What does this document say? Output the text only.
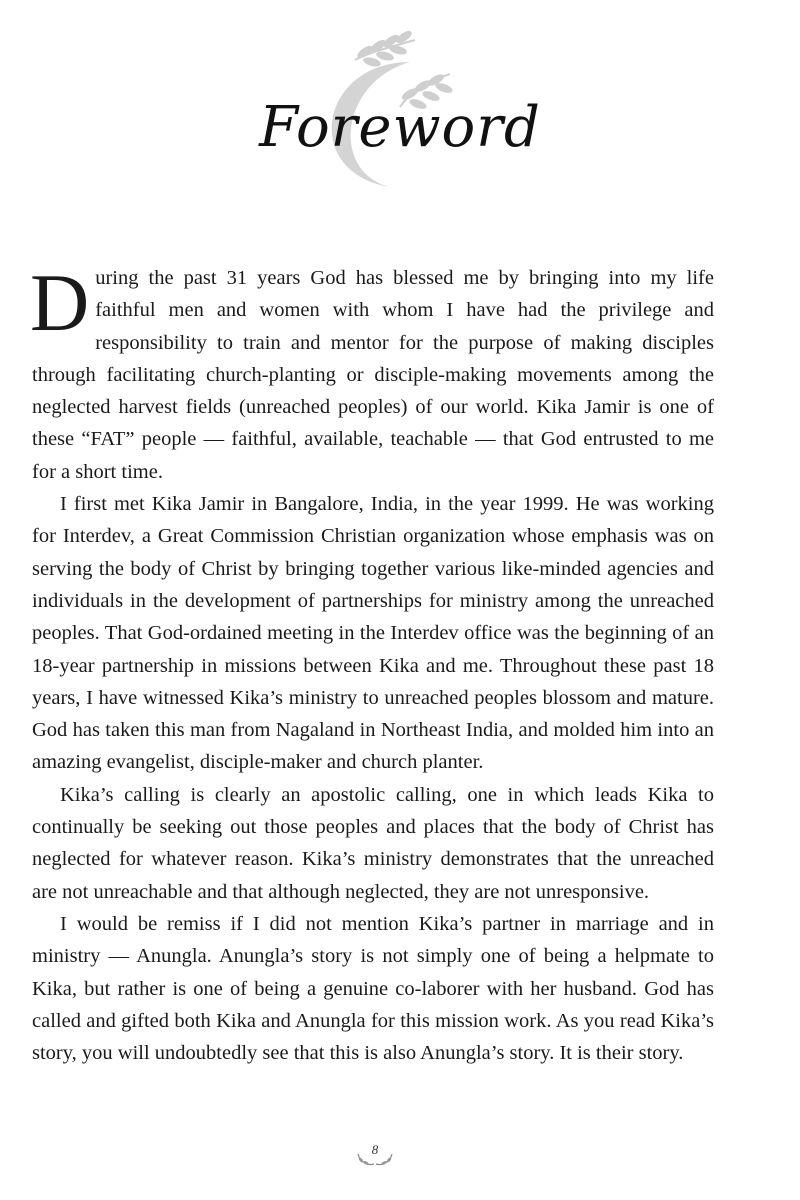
Foreword

During the past 31 years God has blessed me by bringing into my life faithful men and women with whom I have had the privilege and responsibility to train and mentor for the purpose of making disciples through facilitating church-planting or disciple-making movements among the neglected harvest fields (unreached peoples) of our world. Kika Jamir is one of these “FAT” people — faithful, available, teachable — that God entrusted to me for a short time.

I first met Kika Jamir in Bangalore, India, in the year 1999. He was working for Interdev, a Great Commission Christian organization whose emphasis was on serving the body of Christ by bringing together various like-minded agencies and individuals in the development of partnerships for ministry among the unreached peoples. That God-ordained meeting in the Interdev office was the beginning of an 18-year partnership in missions between Kika and me. Throughout these past 18 years, I have witnessed Kika’s ministry to unreached peoples blossom and mature. God has taken this man from Nagaland in Northeast India, and molded him into an amazing evangelist, disciple-maker and church planter.

Kika’s calling is clearly an apostolic calling, one in which leads Kika to continually be seeking out those peoples and places that the body of Christ has neglected for whatever reason. Kika’s ministry demonstrates that the unreached are not unreachable and that although neglected, they are not unresponsive.

I would be remiss if I did not mention Kika’s partner in marriage and in ministry — Anungla. Anungla’s story is not simply one of being a helpmate to Kika, but rather is one of being a genuine co-laborer with her husband. God has called and gifted both Kika and Anungla for this mission work. As you read Kika’s story, you will undoubtedly see that this is also Anungla’s story. It is their story.

8
